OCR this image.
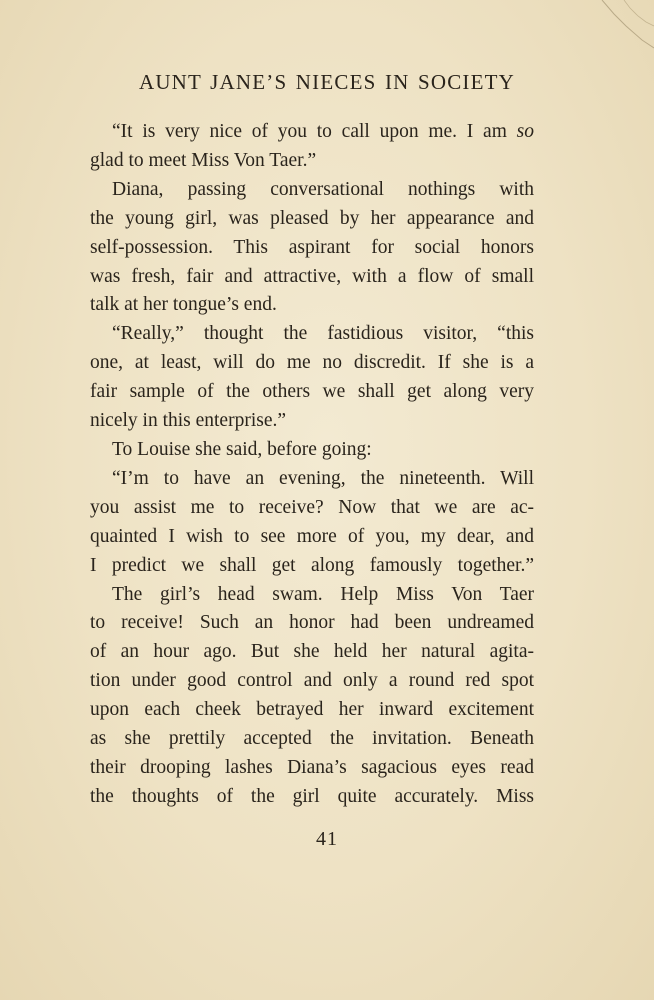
AUNT JANE’S NIECES IN SOCIETY
“It is very nice of you to call upon me. I am so
glad to meet Miss Von Taer.”
Diana, passing conversational nothings with
the young girl, was pleased by her appearance and
self-possession. This aspirant for social honors
was fresh, fair and attractive, with a flow of small
talk at her tongue’s end.
“Really,” thought the fastidious visitor, “this
one, at least, will do me no discredit. If she is a
fair sample of the others we shall get along very
nicely in this enterprise.”
To Louise she said, before going:
“I’m to have an evening, the nineteenth. Will
you assist me to receive? Now that we are ac-
quainted I wish to see more of you, my dear, and
I predict we shall get along famously together.”
The girl’s head swam. Help Miss Von Taer
to receive! Such an honor had been undreamed
of an hour ago. But she held her natural agita-
tion under good control and only a round red spot
upon each cheek betrayed her inward excitement
as she prettily accepted the invitation. Beneath
their drooping lashes Diana’s sagacious eyes read
the thoughts of the girl quite accurately. Miss
41
